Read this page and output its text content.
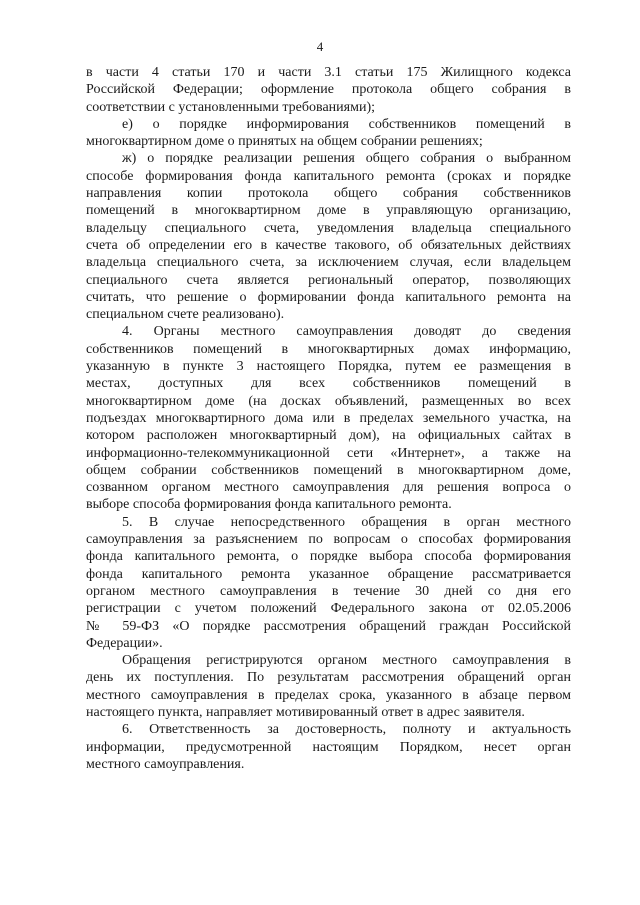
4
в части 4 статьи 170 и части 3.1 статьи 175 Жилищного кодекса
Российской Федерации; оформление протокола общего собрания в
соответствии с установленными требованиями);
е) о порядке информирования собственников помещений в
многоквартирном доме о принятых на общем собрании решениях;
ж) о порядке реализации решения общего собрания о выбранном
способе формирования фонда капитального ремонта (сроках и порядке
направления копии протокола общего собрания собственников
помещений в многоквартирном доме в управляющую организацию,
владельцу специального счета, уведомления владельца специального
счета об определении его в качестве такового, об обязательных действиях
владельца специального счета, за исключением случая, если владельцем
специального счета является региональный оператор, позволяющих
считать, что решение о формировании фонда капитального ремонта на
специальном счете реализовано).
4. Органы местного самоуправления доводят до сведения
собственников помещений в многоквартирных домах информацию,
указанную в пункте 3 настоящего Порядка, путем ее размещения в
местах, доступных для всех собственников помещений в
многоквартирном доме (на досках объявлений, размещенных во всех
подъездах многоквартирного дома или в пределах земельного участка, на
котором расположен многоквартирный дом), на официальных сайтах в
информационно-телекоммуникационной сети «Интернет», а также на
общем собрании собственников помещений в многоквартирном доме,
созванном органом местного самоуправления для решения вопроса о
выборе способа формирования фонда капитального ремонта.
5. В случае непосредственного обращения в орган местного
самоуправления за разъяснением по вопросам о способах формирования
фонда капитального ремонта, о порядке выбора способа формирования
фонда капитального ремонта указанное обращение рассматривается
органом местного самоуправления в течение 30 дней со дня его
регистрации с учетом положений Федерального закона от 02.05.2006
№ 59-ФЗ «О порядке рассмотрения обращений граждан Российской
Федерации».
Обращения регистрируются органом местного самоуправления в
день их поступления. По результатам рассмотрения обращений орган
местного самоуправления в пределах срока, указанного в абзаце первом
настоящего пункта, направляет мотивированный ответ в адрес заявителя.
6. Ответственность за достоверность, полноту и актуальность
информации, предусмотренной настоящим Порядком, несет орган
местного самоуправления.
